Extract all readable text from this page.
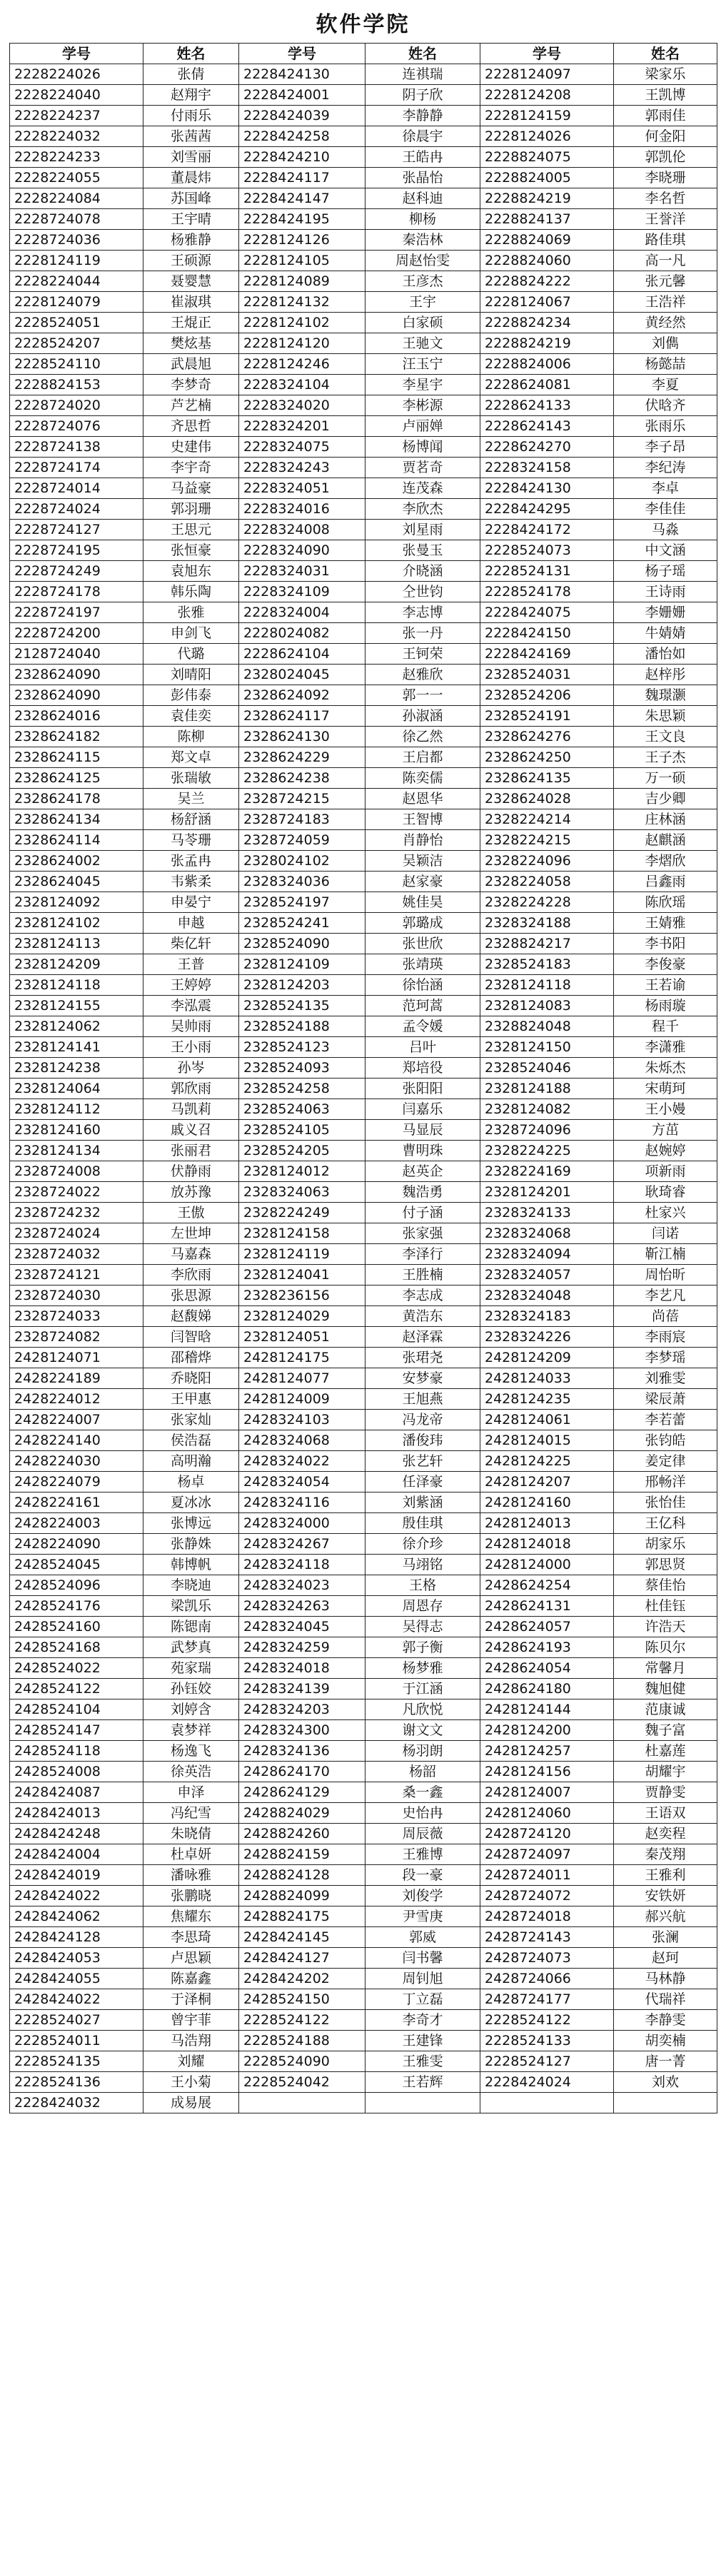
软件学院
学号	姓名	学号	姓名	学号	姓名
2228224026	张倩	2228424130	连祺瑞	2228124097	梁家乐
2228224040	赵翔宇	2228424001	阴子欣	2228124208	王凯博
2228224237	付雨乐	2228424039	李静静	2228124159	郭雨佳
2228224032	张茜茜	2228424258	徐晨宇	2228124026	何金阳
2228224233	刘雪丽	2228424210	王皓冉	2228824075	郭凯伦
2228224055	董晨炜	2228424117	张晶怡	2228824005	李晓珊
2228224084	苏国峰	2228424147	赵科迪	2228824219	李名哲
2228724078	王宇晴	2228424195	柳杨	2228824137	王誉洋
2228724036	杨雅静	2228124126	秦浩林	2228824069	路佳琪
2228124119	王硕源	2228124105	周赵怡雯	2228824060	高一凡
2228224044	聂婴慧	2228124089	王彦杰	2228824222	张元馨
2228124079	崔淑琪	2228124132	王宇	2228124067	王浩祥
2228524051	王焜正	2228124102	白家硕	2228824234	黄经然
2228524207	樊炫基	2228124120	王驰文	2228824219	刘儁
2228524110	武晨旭	2228124246	汪玉宁	2228824006	杨懿喆
2228824153	李梦奇	2228324104	李星宇	2228624081	李夏
2228724020	芦艺楠	2228324020	李彬源	2228624133	伏晗齐
2228724076	齐思哲	2228324201	卢丽婵	2228624143	张雨乐
2228724138	史建伟	2228324075	杨博闻	2228624270	李子昂
2228724174	李宇奇	2228324243	贾茗奇	2228324158	李纪涛
2228724014	马益豪	2228324051	连茂森	2228424130	李卓
2228724024	郭羽珊	2228324016	李欣杰	2228424295	李佳佳
2228724127	王思元	2228324008	刘星雨	2228424172	马淼
2228724195	张恒豪	2228324090	张曼玉	2228524073	中文涵
2228724249	袁旭东	2228324031	介晓涵	2228524131	杨子瑶
2228724178	韩乐陶	2228324109	仝世钧	2228524178	王诗雨
2228724197	张雅	2228324004	李志博	2228424075	李姗姗
2228724200	申剑飞	2228024082	张一丹	2228424150	牛婧婧
2128724040	代璐	2228624104	王钶荣	2228424169	潘怡如
2328624090	刘晴阳	2328024045	赵雅欣	2328524031	赵梓彤
2328624090	彭伟泰	2328624092	郭一一	2328524206	魏璟灏
2328624016	袁佳奕	2328624117	孙淑涵	2328524191	朱思颖
2328624182	陈柳	2328624130	徐乙然	2328624276	王文良
2328624115	郑文卓	2328624229	王启都	2328624250	王子杰
2328624125	张瑞敏	2328624238	陈奕儒	2328624135	万一硕
2328624178	吴兰	2328724215	赵恩华	2328624028	吉少卿
2328624134	杨舒涵	2328724183	王智博	2328224214	庄林涵
2328624114	马苓珊	2328724059	肖静怡	2328224215	赵麒涵
2328624002	张孟冉	2328024102	吴颖洁	2328224096	李熠欣
2328624045	韦紫柔	2328324036	赵家豪	2328224058	吕鑫雨
2328124092	申晏宁	2328524197	姚佳昊	2328224228	陈欣瑶
2328124102	申越	2328524241	郭璐成	2328324188	王婧雅
2328124113	柴亿轩	2328524090	张世欣	2328824217	李书阳
2328124209	王普	2328124109	张靖瑛	2328524183	李俊豪
2328124118	王婷婷	2328124203	徐怡涵	2328124118	王若谕
2328124155	李泓震	2328524135	范珂蒿	2328124083	杨雨璇
2328124062	吴帅雨	2328524188	孟令媛	2328824048	程千
2328124141	王小雨	2328524123	吕叶	2328124150	李潇雅
2328124238	孙岑	2328524093	郑培役	2328524046	朱烁杰
2328124064	郭欣雨	2328524258	张阳阳	2328124188	宋萌珂
2328124112	马凯莉	2328524063	闫嘉乐	2328124082	王小嫚
2328124160	戚义召	2328524105	马显辰	2328724096	方茁
2328124134	张丽君	2328524205	曹明珠	2328224225	赵婉婷
2328724008	伏静雨	2328124012	赵英企	2328224169	项新雨
2328724022	放苏豫	2328324063	魏浩勇	2328124201	耿琦睿
2328724232	王傲	2328224249	付子涵	2328324133	杜家兴
2328724024	左世坤	2328124158	张家强	2328324068	闫诺
2328724032	马嘉森	2328124119	李泽行	2328324094	靳江楠
2328724121	李欣雨	2328124041	王胜楠	2328324057	周怡昕
2328724030	张思源	2328236156	李志成	2328324048	李艺凡
2328724033	赵馥娣	2328124029	黄浩东	2328324183	尚蓓
2328724082	闫智晗	2328124051	赵泽霖	2328324226	李雨宸
2428124071	邵稽烨	2428124175	张珺尧	2428124209	李梦瑶
2428224189	乔晓阳	2428124077	安梦豪	2428124033	刘雅雯
2428224012	王甲惠	2428124009	王旭燕	2428124235	梁辰萧
2428224007	张家灿	2428324103	冯龙帝	2428124061	李若蕾
2428224140	侯浩磊	2428324068	潘俊玮	2428124015	张钧皓
2428224030	高明瀚	2428324022	张艺轩	2428124225	姜定律
2428224079	杨卓	2428324054	任泽豪	2428124207	邢畅洋
2428224161	夏冰冰	2428324116	刘紫涵	2428124160	张怡佳
2428224003	张博远	2428324000	殷佳琪	2428124013	王亿科
2428224090	张静姝	2428324267	徐介珍	2428124018	胡家乐
2428524045	韩博帆	2428324118	马翊铭	2428124000	郭思贤
2428524096	李晓迪	2428324023	王格	2428624254	蔡佳怡
2428524176	梁凯乐	2428324263	周恩存	2428624131	杜佳钰
2428524160	陈锶南	2428324045	吴得志	2428624057	许浩天
2428524168	武梦真	2428324259	郭子衡	2428624193	陈贝尔
2428524022	苑家瑞	2428324018	杨梦雅	2428624054	常馨月
2428524122	孙钰姣	2428324139	于江涵	2428624180	魏旭健
2428524104	刘婷含	2428324203	凡欣悦	2428124144	范康诚
2428524147	袁梦祥	2428324300	谢文文	2428124200	魏子富
2428524118	杨逸飞	2428324136	杨羽朗	2428124257	杜嘉莲
2428524008	徐英浩	2428624170	杨韶	2428124156	胡耀宇
2428424087	申泽	2428624129	桑一鑫	2428124007	贾静雯
2428424013	冯纪雪	2428824029	史怡冉	2428124060	王语双
2428424248	朱晓倩	2428824260	周辰薇	2428724120	赵奕程
2428424004	杜卓妍	2428824159	王雅博	2428724097	秦茂翔
2428424019	潘咏雅	2428824128	段一豪	2428724011	王雅利
2428424022	张鹏晓	2428824099	刘俊学	2428724072	安铁妍
2428424062	焦耀东	2428824175	尹雪庚	2428724018	郝兴航
2428424128	李思琦	2428424145	郭威	2428724143	张澜
2428424053	卢思颖	2428424127	闫书馨	2428724073	赵珂
2428424055	陈嘉鑫	2428424202	周钊旭	2428724066	马林静
2428424022	于泽桐	2428524150	丁立磊	2428724177	代瑞祥
2228524027	曾宇菲	2228524122	李奇才	2228524122	李静雯
2228524011	马浩翔	2228524188	王建锋	2228524133	胡奕楠
2228524135	刘耀	2228524090	王雅雯	2228524127	唐一菁
2228524136	王小菊	2228524042	王若辉	2228424024	刘欢
2228424032	成易展				
